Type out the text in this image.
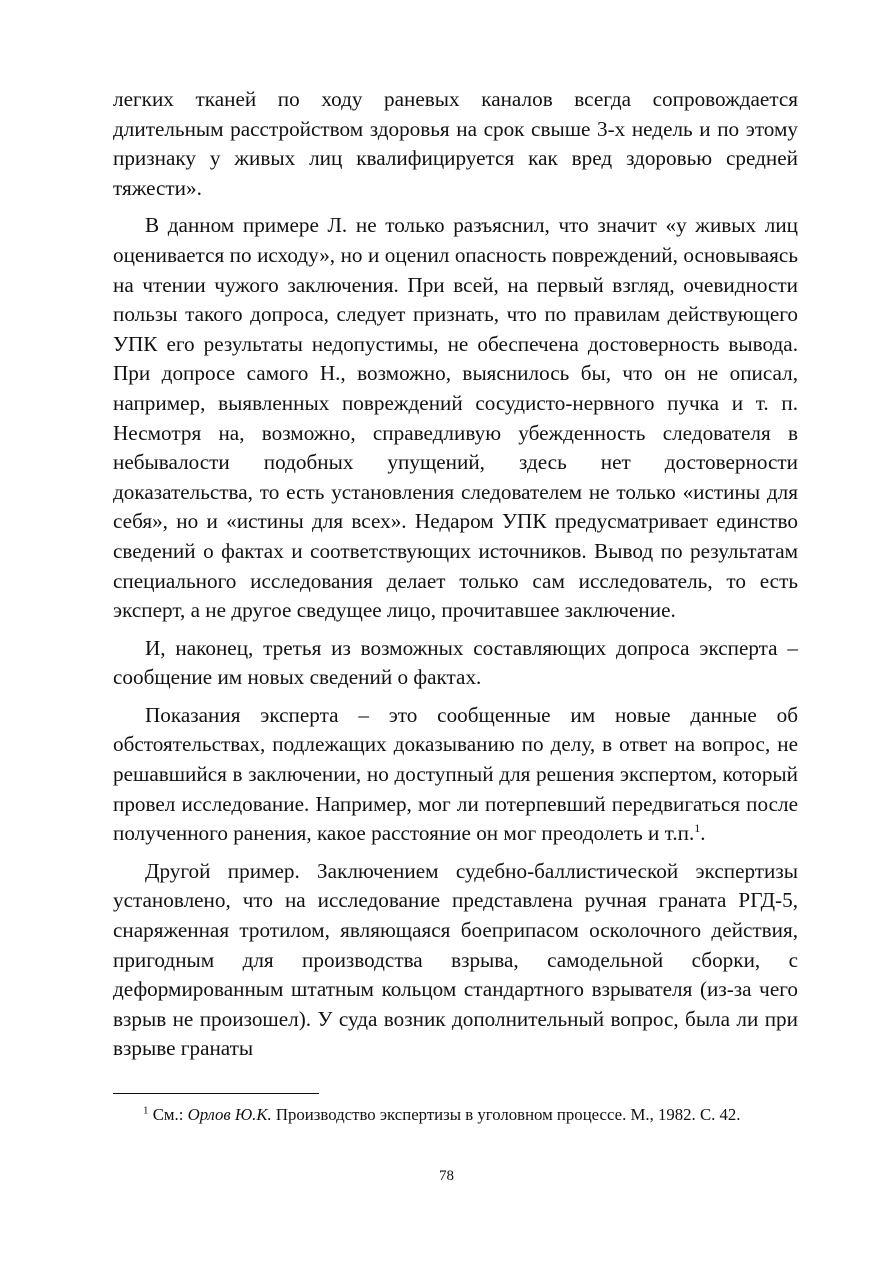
легких тканей по ходу раневых каналов всегда сопровождается длительным расстройством здоровья на срок свыше 3-х недель и по этому признаку у живых лиц квалифицируется как вред здоровью средней тяжести».

В данном примере Л. не только разъяснил, что значит «у живых лиц оценивается по исходу», но и оценил опасность повреждений, основываясь на чтении чужого заключения. При всей, на первый взгляд, очевидности пользы такого допроса, следует признать, что по правилам действующего УПК его результаты недопустимы, не обеспечена достоверность вывода. При допросе самого Н., возможно, выяснилось бы, что он не описал, например, выявленных повреждений сосудисто-нервного пучка и т. п. Несмотря на, возможно, справедливую убежденность следователя в небывалости подобных упущений, здесь нет достоверности доказательства, то есть установления следователем не только «истины для себя», но и «истины для всех». Недаром УПК предусматривает единство сведений о фактах и соответствующих источников. Вывод по результатам специального исследования делает только сам исследователь, то есть эксперт, а не другое сведущее лицо, прочитавшее заключение.

И, наконец, третья из возможных составляющих допроса эксперта – сообщение им новых сведений о фактах.

Показания эксперта – это сообщенные им новые данные об обстоятельствах, подлежащих доказыванию по делу, в ответ на вопрос, не решавшийся в заключении, но доступный для решения экспертом, который провел исследование. Например, мог ли потерпевший передвигаться после полученного ранения, какое расстояние он мог преодолеть и т.п.$^1$.

Другой пример. Заключением судебно-баллистической экспертизы установлено, что на исследование представлена ручная граната РГД-5, снаряженная тротилом, являющаяся боеприпасом осколочного действия, пригодным для производства взрыва, самодельной сборки, с деформированным штатным кольцом стандартного взрывателя (из-за чего взрыв не произошел). У суда возник дополнительный вопрос, была ли при взрыве гранаты

$^1$ См.: Орлов Ю.К. Производство экспертизы в уголовном процессе. М., 1982. С. 42.

78
